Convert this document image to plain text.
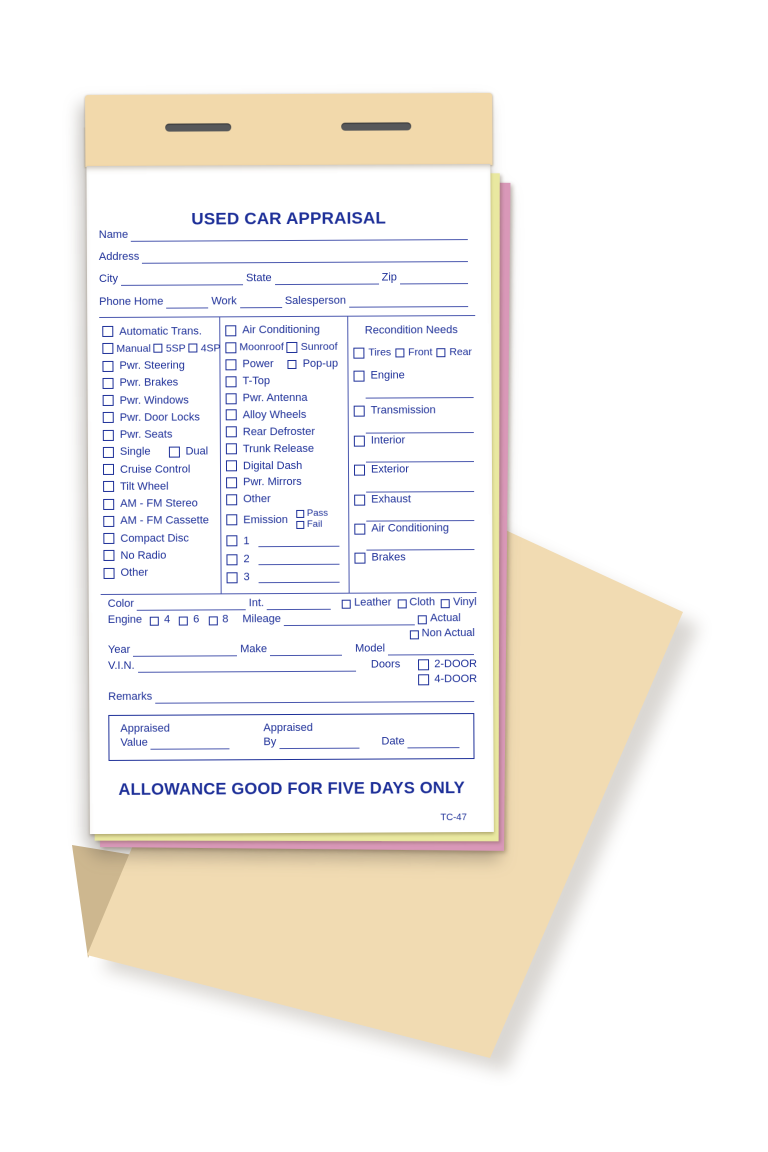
USED CAR APPRAISAL
Name
Address
City	State	Zip
Phone Home	Work	Salesperson
Automatic Trans.
Manual 5SP 4SP
Pwr. Steering
Pwr. Brakes
Pwr. Windows
Pwr. Door Locks
Pwr. Seats
Single	Dual
Cruise Control
Tilt Wheel
AM - FM Stereo
AM - FM Cassette
Compact Disc
No Radio
Other
Air Conditioning
Moonroof Sunroof
Power	Pop-up
T-Top
Pwr. Antenna
Alloy Wheels
Rear Defroster
Trunk Release
Digital Dash
Pwr. Mirrors
Other
Emission
Pass
Fail
1
2
3
Recondition Needs
Tires Front Rear
Engine
Transmission
Interior
Exterior
Exhaust
Air Conditioning
Brakes
Color	Int.	Leather Cloth Vinyl
Engine 4 6 8 Mileage	Actual
Non Actual
Year	Make	Model
V.I.N.	Doors	2-DOOR
4-DOOR
Remarks
Appraised
Value
Appraised
By	Date
ALLOWANCE GOOD FOR FIVE DAYS ONLY
TC-47
